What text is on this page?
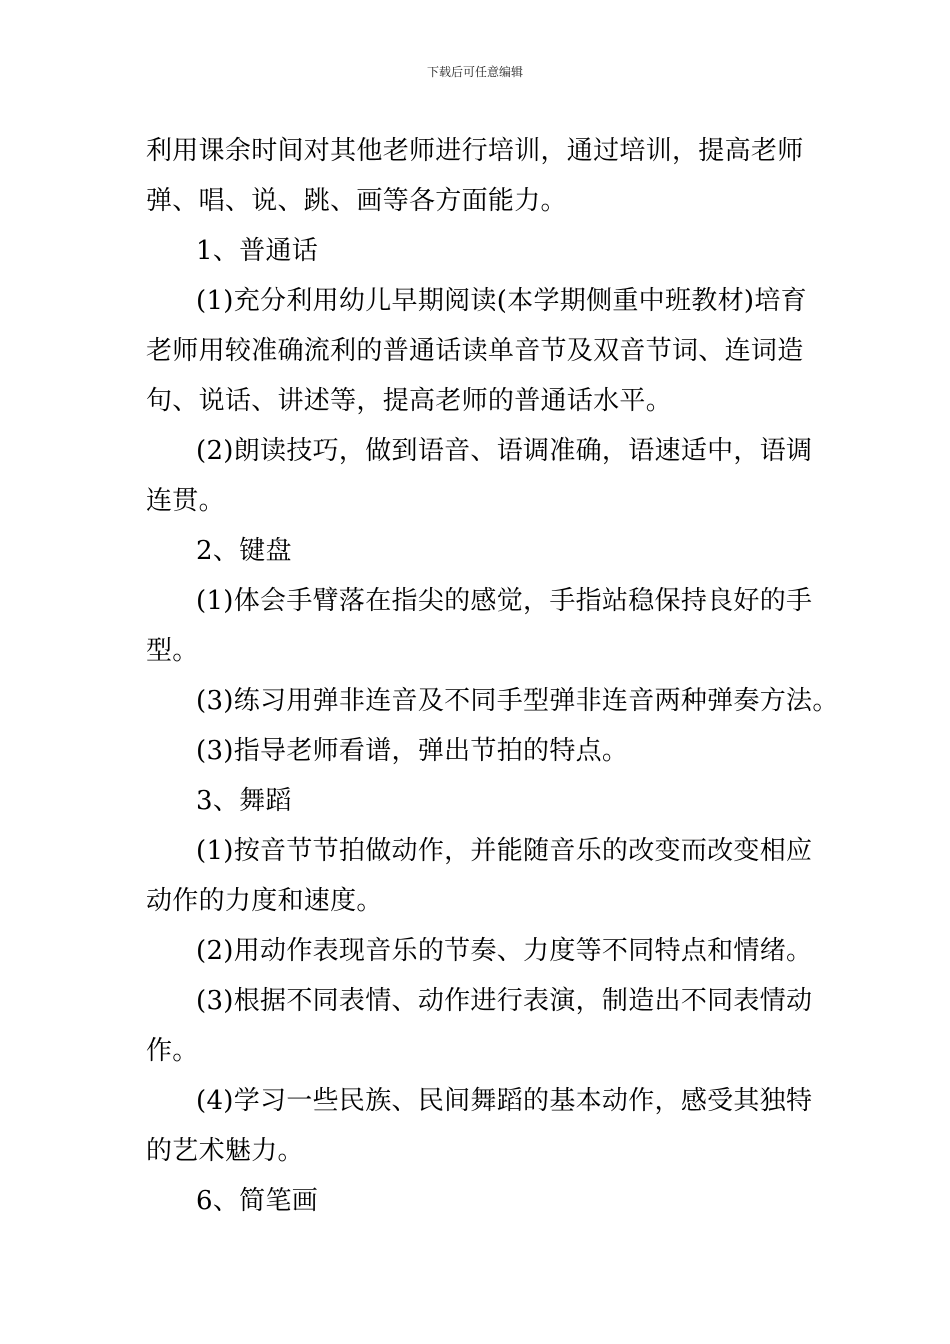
下载后可任意编辑
利用课余时间对其他老师进行培训，通过培训，提高老师
弹、唱、说、跳、画等各方面能力。
1、普通话
(1)充分利用幼儿早期阅读(本学期侧重中班教材)培育
老师用较准确流利的普通话读单音节及双音节词、连词造
句、说话、讲述等，提高老师的普通话水平。
(2)朗读技巧，做到语音、语调准确，语速适中，语调
连贯。
2、键盘
(1)体会手臂落在指尖的感觉，手指站稳保持良好的手
型。
(3)练习用弹非连音及不同手型弹非连音两种弹奏方法。
(3)指导老师看谱，弹出节拍的特点。
3、舞蹈
(1)按音节节拍做动作，并能随音乐的改变而改变相应
动作的力度和速度。
(2)用动作表现音乐的节奏、力度等不同特点和情绪。
(3)根据不同表情、动作进行表演，制造出不同表情动
作。
(4)学习一些民族、民间舞蹈的基本动作，感受其独特
的艺术魅力。
6、简笔画
